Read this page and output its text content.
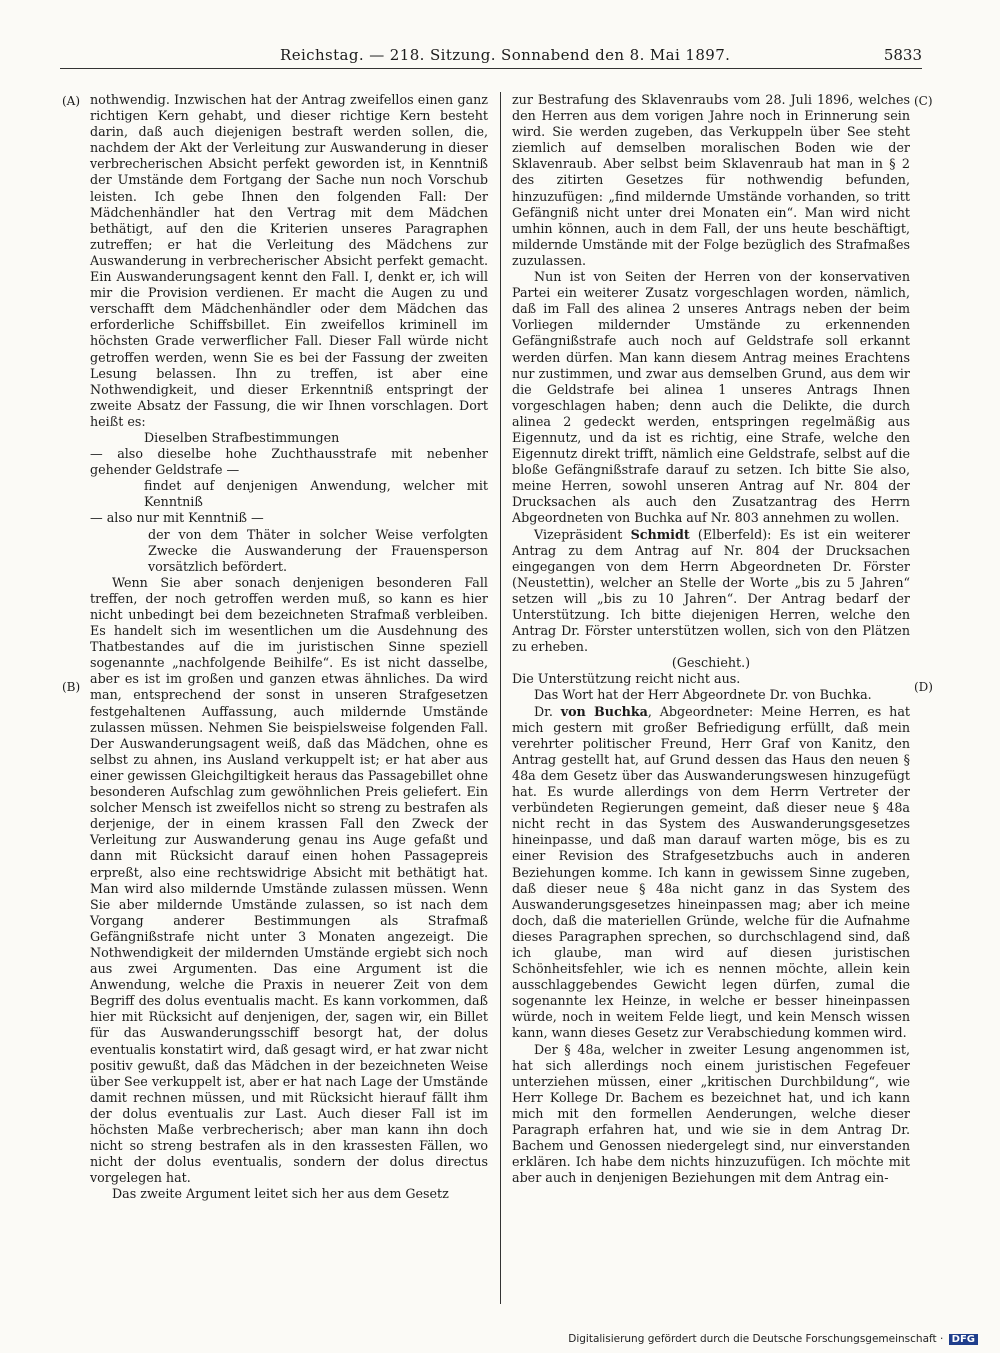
Reichstag. — 218. Sitzung. Sonnabend den 8. Mai 1897.	5833
(A)
(B)
(C)
(D)

nothwendig. Inzwischen hat der Antrag zweifellos einen ganz richtigen Kern gehabt, und dieser richtige Kern besteht darin, daß auch diejenigen bestraft werden sollen, die, nachdem der Akt der Verleitung zur Auswanderung in dieser verbrecherischen Absicht perfekt geworden ist, in Kenntniß der Umstände dem Fortgang der Sache nun noch Vorschub leisten. Ich gebe Ihnen den folgenden Fall: Der Mädchenhändler hat den Vertrag mit dem Mädchen bethätigt, auf den die Kriterien unseres Paragraphen zutreffen; er hat die Verleitung des Mädchens zur Auswanderung in verbrecherischer Absicht perfekt gemacht. Ein Auswanderungsagent kennt den Fall. I, denkt er, ich will mir die Provision verdienen. Er macht die Augen zu und verschafft dem Mädchenhändler oder dem Mädchen das erforderliche Schiffsbillet. Ein zweifellos kriminell im höchsten Grade verwerflicher Fall. Dieser Fall würde nicht getroffen werden, wenn Sie es bei der Fassung der zweiten Lesung belassen. Ihn zu treffen, ist aber eine Nothwendigkeit, und dieser Erkenntniß entspringt der zweite Absatz der Fassung, die wir Ihnen vorschlagen. Dort heißt es:

Dieselben Strafbestimmungen

— also dieselbe hohe Zuchthausstrafe mit nebenher gehender Geldstrafe —

findet auf denjenigen Anwendung, welcher mit Kenntniß

— also nur mit Kenntniß —

der von dem Thäter in solcher Weise verfolgten Zwecke die Auswanderung der Frauensperson vorsätzlich befördert.

Wenn Sie aber sonach denjenigen besonderen Fall treffen, der noch getroffen werden muß, so kann es hier nicht unbedingt bei dem bezeichneten Strafmaß verbleiben. Es handelt sich im wesentlichen um die Ausdehnung des Thatbestandes auf die im juristischen Sinne speziell sogenannte „nachfolgende Beihilfe“. Es ist nicht dasselbe, aber es ist im großen und ganzen etwas ähnliches. Da wird man, entsprechend der sonst in unseren Strafgesetzen festgehaltenen Auffassung, auch mildernde Umstände zulassen müssen. Nehmen Sie beispielsweise folgenden Fall. Der Auswanderungsagent weiß, daß das Mädchen, ohne es selbst zu ahnen, ins Ausland verkuppelt ist; er hat aber aus einer gewissen Gleichgiltigkeit heraus das Passagebillet ohne besonderen Aufschlag zum gewöhnlichen Preis geliefert. Ein solcher Mensch ist zweifellos nicht so streng zu bestrafen als derjenige, der in einem krassen Fall den Zweck der Verleitung zur Auswanderung genau ins Auge gefaßt und dann mit Rücksicht darauf einen hohen Passagepreis erpreßt, also eine rechtswidrige Absicht mit bethätigt hat. Man wird also mildernde Umstände zulassen müssen. Wenn Sie aber mildernde Umstände zulassen, so ist nach dem Vorgang anderer Bestimmungen als Strafmaß Gefängnißstrafe nicht unter 3 Monaten angezeigt. Die Nothwendigkeit der mildernden Umstände ergiebt sich noch aus zwei Argumenten. Das eine Argument ist die Anwendung, welche die Praxis in neuerer Zeit von dem Begriff des dolus eventualis macht. Es kann vorkommen, daß hier mit Rücksicht auf denjenigen, der, sagen wir, ein Billet für das Auswanderungsschiff besorgt hat, der dolus eventualis konstatirt wird, daß gesagt wird, er hat zwar nicht positiv gewußt, daß das Mädchen in der bezeichneten Weise über See verkuppelt ist, aber er hat nach Lage der Umstände damit rechnen müssen, und mit Rücksicht hierauf fällt ihm der dolus eventualis zur Last. Auch dieser Fall ist im höchsten Maße verbrecherisch; aber man kann ihn doch nicht so streng bestrafen als in den krassesten Fällen, wo nicht der dolus eventualis, sondern der dolus directus vorgelegen hat.

Das zweite Argument leitet sich her aus dem Gesetz

zur Bestrafung des Sklavenraubs vom 28. Juli 1896, welches den Herren aus dem vorigen Jahre noch in Erinnerung sein wird. Sie werden zugeben, das Verkuppeln über See steht ziemlich auf demselben moralischen Boden wie der Sklavenraub. Aber selbst beim Sklavenraub hat man in § 2 des zitirten Gesetzes für nothwendig befunden, hinzuzufügen: „find mildernde Umstände vorhanden, so tritt Gefängniß nicht unter drei Monaten ein“. Man wird nicht umhin können, auch in dem Fall, der uns heute beschäftigt, mildernde Umstände mit der Folge bezüglich des Strafmaßes zuzulassen.

Nun ist von Seiten der Herren von der konservativen Partei ein weiterer Zusatz vorgeschlagen worden, nämlich, daß im Fall des alinea 2 unseres Antrags neben der beim Vorliegen mildernder Umstände zu erkennenden Gefängnißstrafe auch noch auf Geldstrafe soll erkannt werden dürfen. Man kann diesem Antrag meines Erachtens nur zustimmen, und zwar aus demselben Grund, aus dem wir die Geldstrafe bei alinea 1 unseres Antrags Ihnen vorgeschlagen haben; denn auch die Delikte, die durch alinea 2 gedeckt werden, entspringen regelmäßig aus Eigennutz, und da ist es richtig, eine Strafe, welche den Eigennutz direkt trifft, nämlich eine Geldstrafe, selbst auf die bloße Gefängnißstrafe darauf zu setzen. Ich bitte Sie also, meine Herren, sowohl unseren Antrag auf Nr. 804 der Drucksachen als auch den Zusatzantrag des Herrn Abgeordneten von Buchka auf Nr. 803 annehmen zu wollen.

Vizepräsident Schmidt (Elberfeld): Es ist ein weiterer Antrag zu dem Antrag auf Nr. 804 der Drucksachen eingegangen von dem Herrn Abgeordneten Dr. Förster (Neustettin), welcher an Stelle der Worte „bis zu 5 Jahren“ setzen will „bis zu 10 Jahren“. Der Antrag bedarf der Unterstützung. Ich bitte diejenigen Herren, welche den Antrag Dr. Förster unterstützen wollen, sich von den Plätzen zu erheben.

(Geschieht.)

Die Unterstützung reicht nicht aus.

Das Wort hat der Herr Abgeordnete Dr. von Buchka.

Dr. von Buchka, Abgeordneter: Meine Herren, es hat mich gestern mit großer Befriedigung erfüllt, daß mein verehrter politischer Freund, Herr Graf von Kanitz, den Antrag gestellt hat, auf Grund dessen das Haus den neuen § 48a dem Gesetz über das Auswanderungswesen hinzugefügt hat. Es wurde allerdings von dem Herrn Vertreter der verbündeten Regierungen gemeint, daß dieser neue § 48a nicht recht in das System des Auswanderungsgesetzes hineinpasse, und daß man darauf warten möge, bis es zu einer Revision des Strafgesetzbuchs auch in anderen Beziehungen komme. Ich kann in gewissem Sinne zugeben, daß dieser neue § 48a nicht ganz in das System des Auswanderungsgesetzes hineinpassen mag; aber ich meine doch, daß die materiellen Gründe, welche für die Aufnahme dieses Paragraphen sprechen, so durchschlagend sind, daß ich glaube, man wird auf diesen juristischen Schönheitsfehler, wie ich es nennen möchte, allein kein ausschlaggebendes Gewicht legen dürfen, zumal die sogenannte lex Heinze, in welche er besser hineinpassen würde, noch in weitem Felde liegt, und kein Mensch wissen kann, wann dieses Gesetz zur Verabschiedung kommen wird.

Der § 48a, welcher in zweiter Lesung angenommen ist, hat sich allerdings noch einem juristischen Fegefeuer unterziehen müssen, einer „kritischen Durchbildung“, wie Herr Kollege Dr. Bachem es bezeichnet hat, und ich kann mich mit den formellen Aenderungen, welche dieser Paragraph erfahren hat, und wie sie in dem Antrag Dr. Bachem und Genossen niedergelegt sind, nur einverstanden erklären. Ich habe dem nichts hinzuzufügen. Ich möchte mit aber auch in denjenigen Beziehungen mit dem Antrag ein-

Digitalisierung gefördert durch die Deutsche Forschungsgemeinschaft · DFG
